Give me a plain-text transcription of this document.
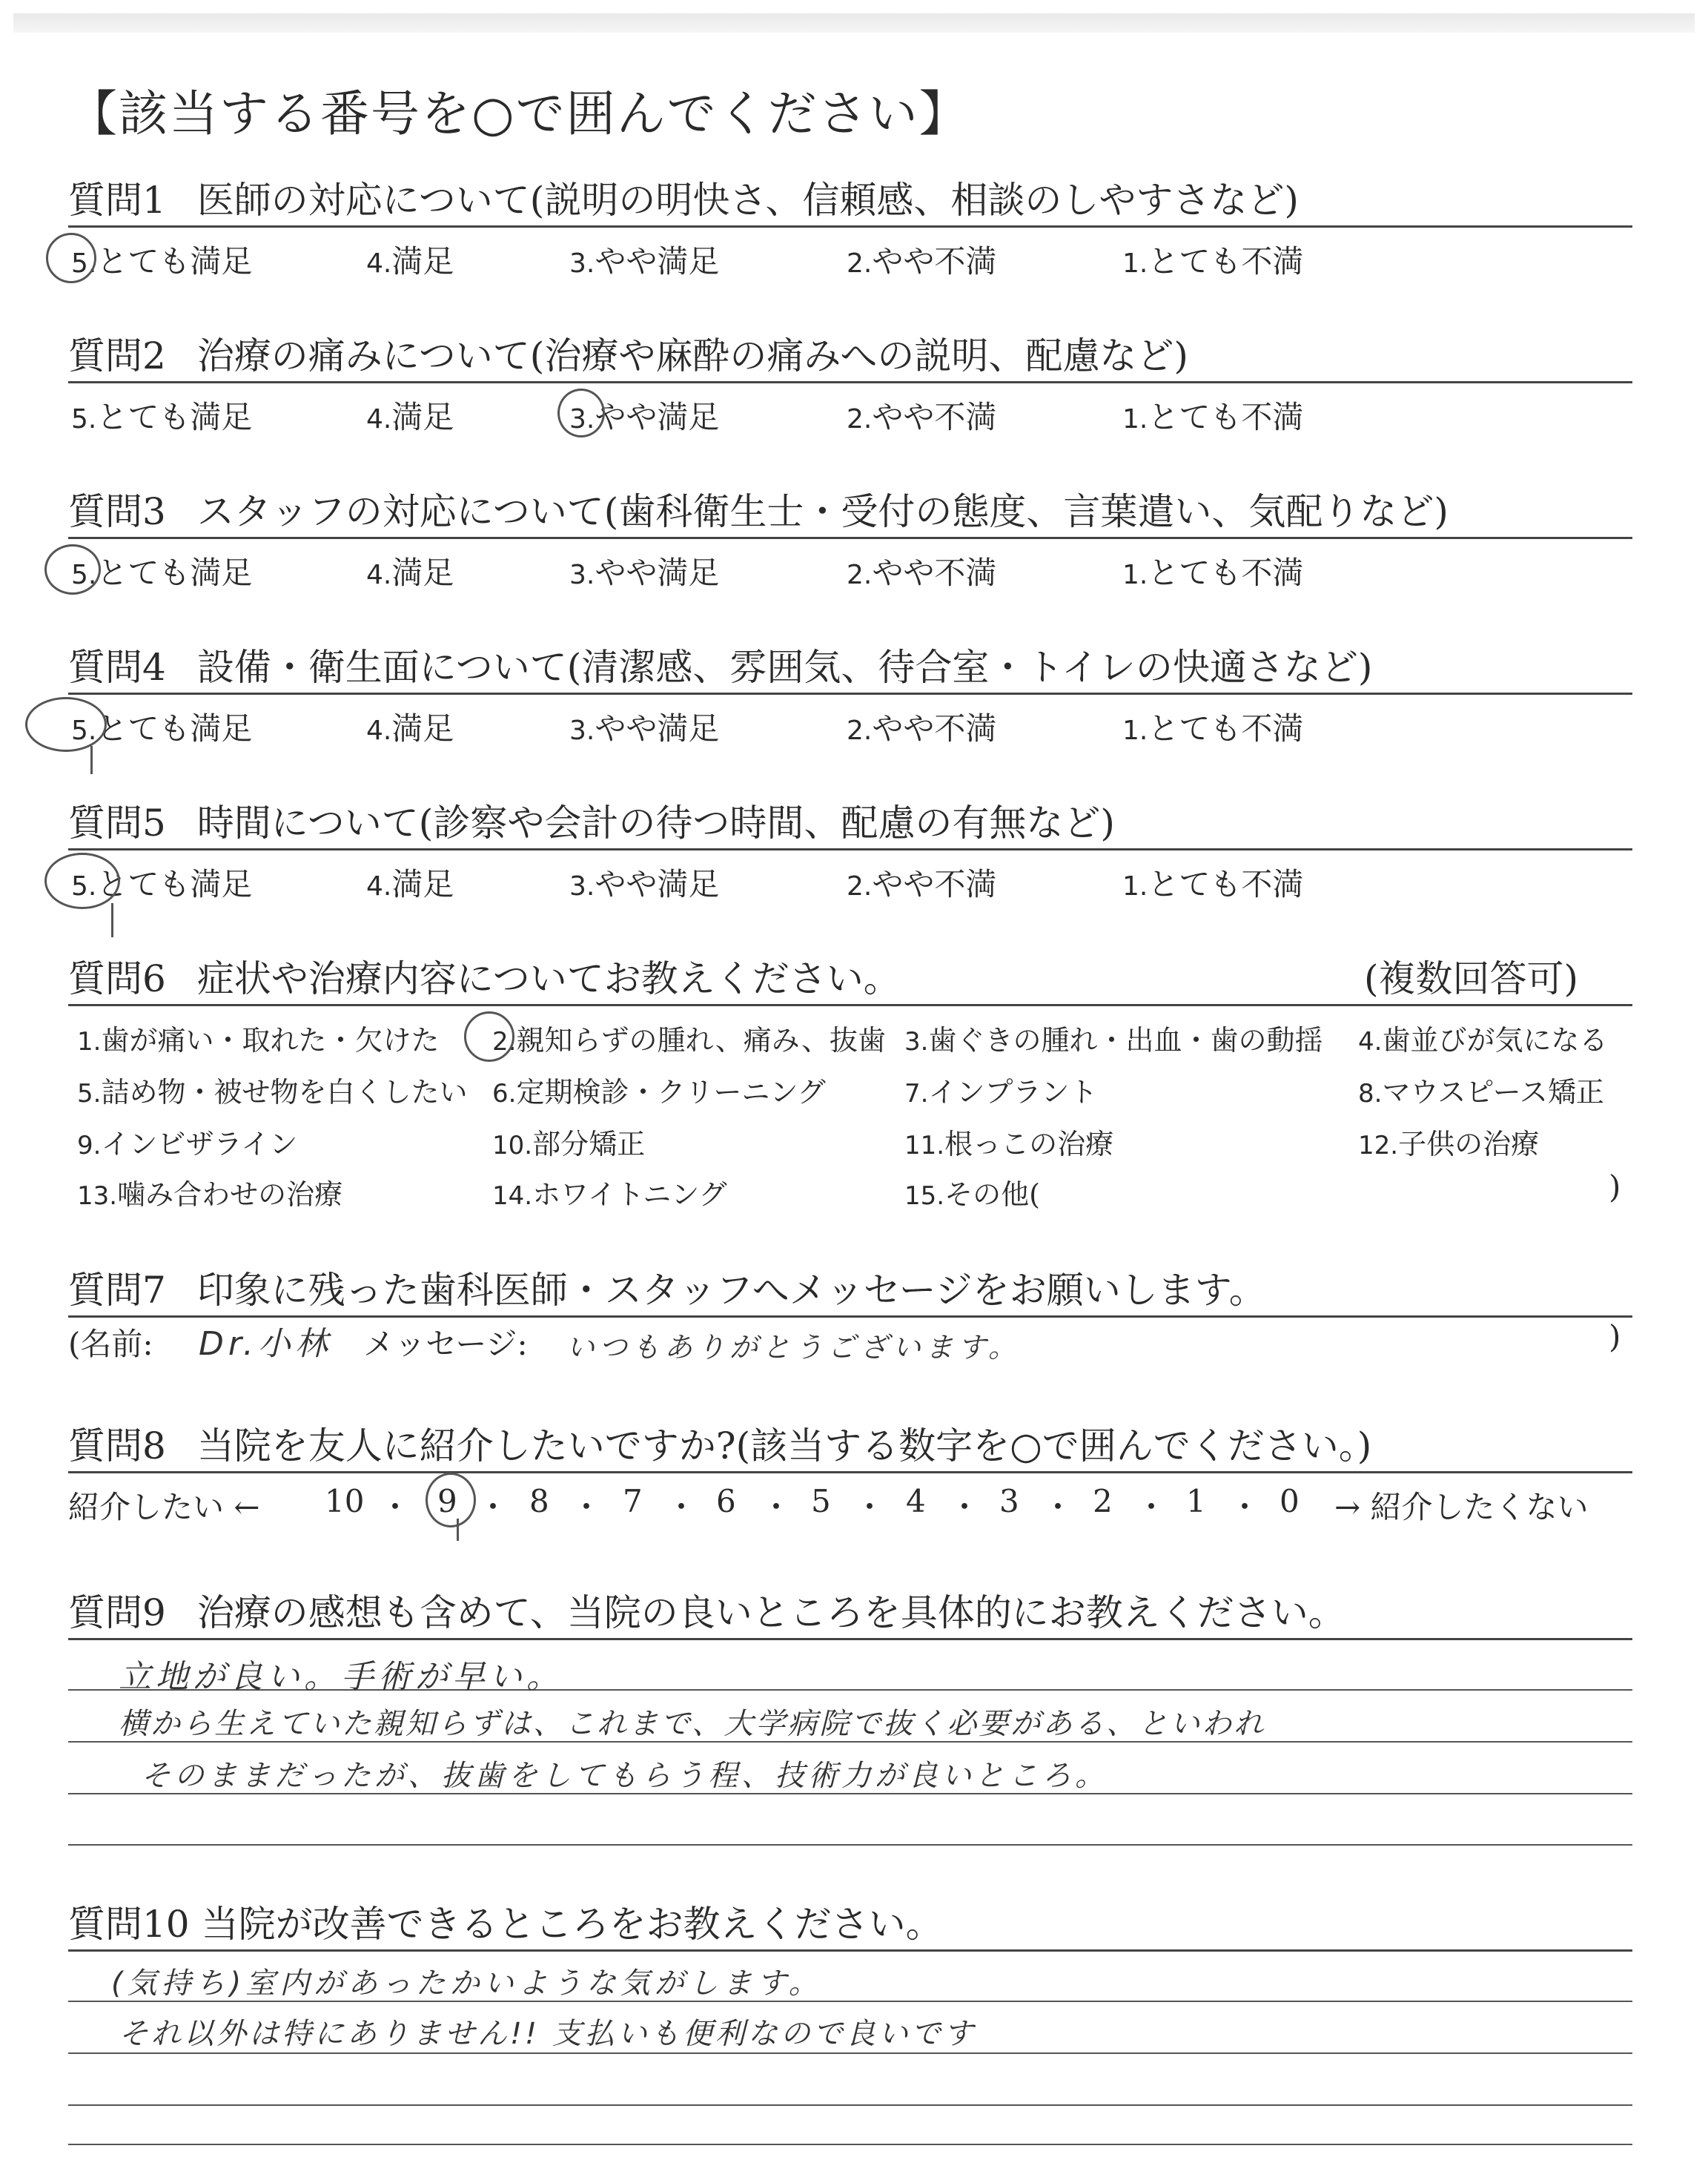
【該当する番号を○で囲んでください】
質問1 医師の対応について(説明の明快さ、信頼感、相談のしやすさなど)
5.とても満足	4.満足	3.やや満足	2.やや不満	1.とても不満
質問2 治療の痛みについて(治療や麻酔の痛みへの説明、配慮など)
5.とても満足	4.満足	3.やや満足	2.やや不満	1.とても不満
質問3 スタッフの対応について(歯科衛生士・受付の態度、言葉遣い、気配りなど)
5.とても満足	4.満足	3.やや満足	2.やや不満	1.とても不満
質問4 設備・衛生面について(清潔感、雰囲気、待合室・トイレの快適さなど)
5.とても満足	4.満足	3.やや満足	2.やや不満	1.とても不満
質問5 時間について(診察や会計の待つ時間、配慮の有無など)
5.とても満足	4.満足	3.やや満足	2.やや不満	1.とても不満
質問6 症状や治療内容についてお教えください。	(複数回答可)
1.歯が痛い・取れた・欠けた 2.親知らずの腫れ、痛み、抜歯 3.歯ぐきの腫れ・出血・歯の動揺 4.歯並びが気になる
5.詰め物・被せ物を白くしたい 6.定期検診・クリーニング	7.インプラント	8.マウスピース矯正
9.インビザライン	10.部分矯正	11.根っこの治療	12.子供の治療
13.噛み合わせの治療	14.ホワイトニング	15.その他(	)
質問7 印象に残った歯科医師・スタッフへメッセージをお願いします。
(名前: Dr.小林 メッセージ: いつもありがとうございます。	)
質問8 当院を友人に紹介したいですか?(該当する数字を○で囲んでください。)
紹介したい ← 10 ・ 9 ・ 8 ・ 7 ・ 6 ・ 5 ・ 4 ・ 3 ・ 2 ・ 1 ・ 0 → 紹介したくない
質問9 治療の感想も含めて、当院の良いところを具体的にお教えください。
立地が良い。手術が早い。
横から生えていた親知らずは、これまで、大学病院で抜く必要がある、といわれ
そのままだったが、抜歯をしてもらう程、技術力が良いところ。
質問10 当院が改善できるところをお教えください。
(気持ち)室内があったかいような気がします。
それ以外は特にありません!! 支払いも便利なので良いです
